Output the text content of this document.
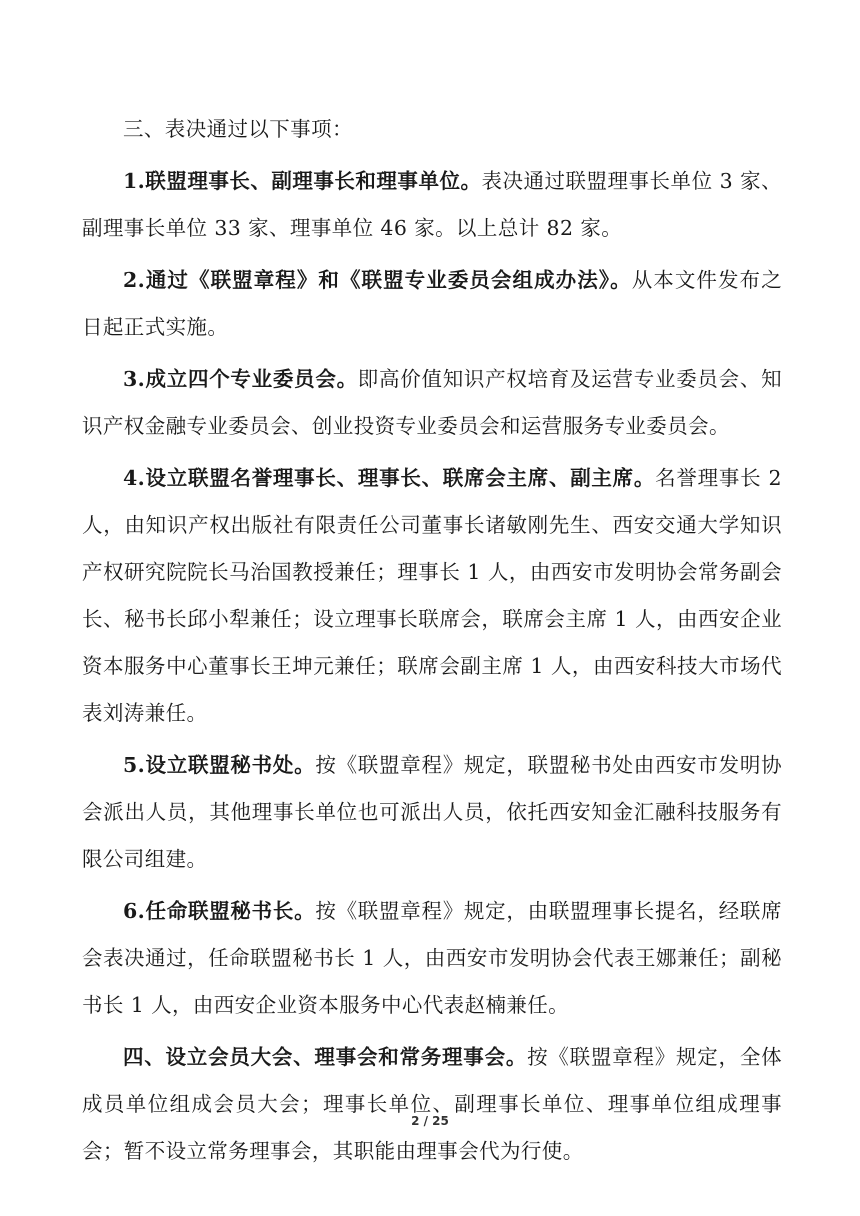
三、表决通过以下事项：

1.联盟理事长、副理事长和理事单位。表决通过联盟理事长单位 3 家、副理事长单位 33 家、理事单位 46 家。以上总计 82 家。

2.通过《联盟章程》和《联盟专业委员会组成办法》。从本文件发布之日起正式实施。

3.成立四个专业委员会。即高价值知识产权培育及运营专业委员会、知识产权金融专业委员会、创业投资专业委员会和运营服务专业委员会。

4.设立联盟名誉理事长、理事长、联席会主席、副主席。名誉理事长 2 人，由知识产权出版社有限责任公司董事长诸敏刚先生、西安交通大学知识产权研究院院长马治国教授兼任；理事长 1 人，由西安市发明协会常务副会长、秘书长邱小犁兼任；设立理事长联席会，联席会主席 1 人，由西安企业资本服务中心董事长王坤元兼任；联席会副主席 1 人，由西安科技大市场代表刘涛兼任。

5.设立联盟秘书处。按《联盟章程》规定，联盟秘书处由西安市发明协会派出人员，其他理事长单位也可派出人员，依托西安知金汇融科技服务有限公司组建。

6.任命联盟秘书长。按《联盟章程》规定，由联盟理事长提名，经联席会表决通过，任命联盟秘书长 1 人，由西安市发明协会代表王娜兼任；副秘书长 1 人，由西安企业资本服务中心代表赵楠兼任。

四、设立会员大会、理事会和常务理事会。按《联盟章程》规定，全体成员单位组成会员大会；理事长单位、副理事长单位、理事单位组成理事会；暂不设立常务理事会，其职能由理事会代为行使。

2 / 25
